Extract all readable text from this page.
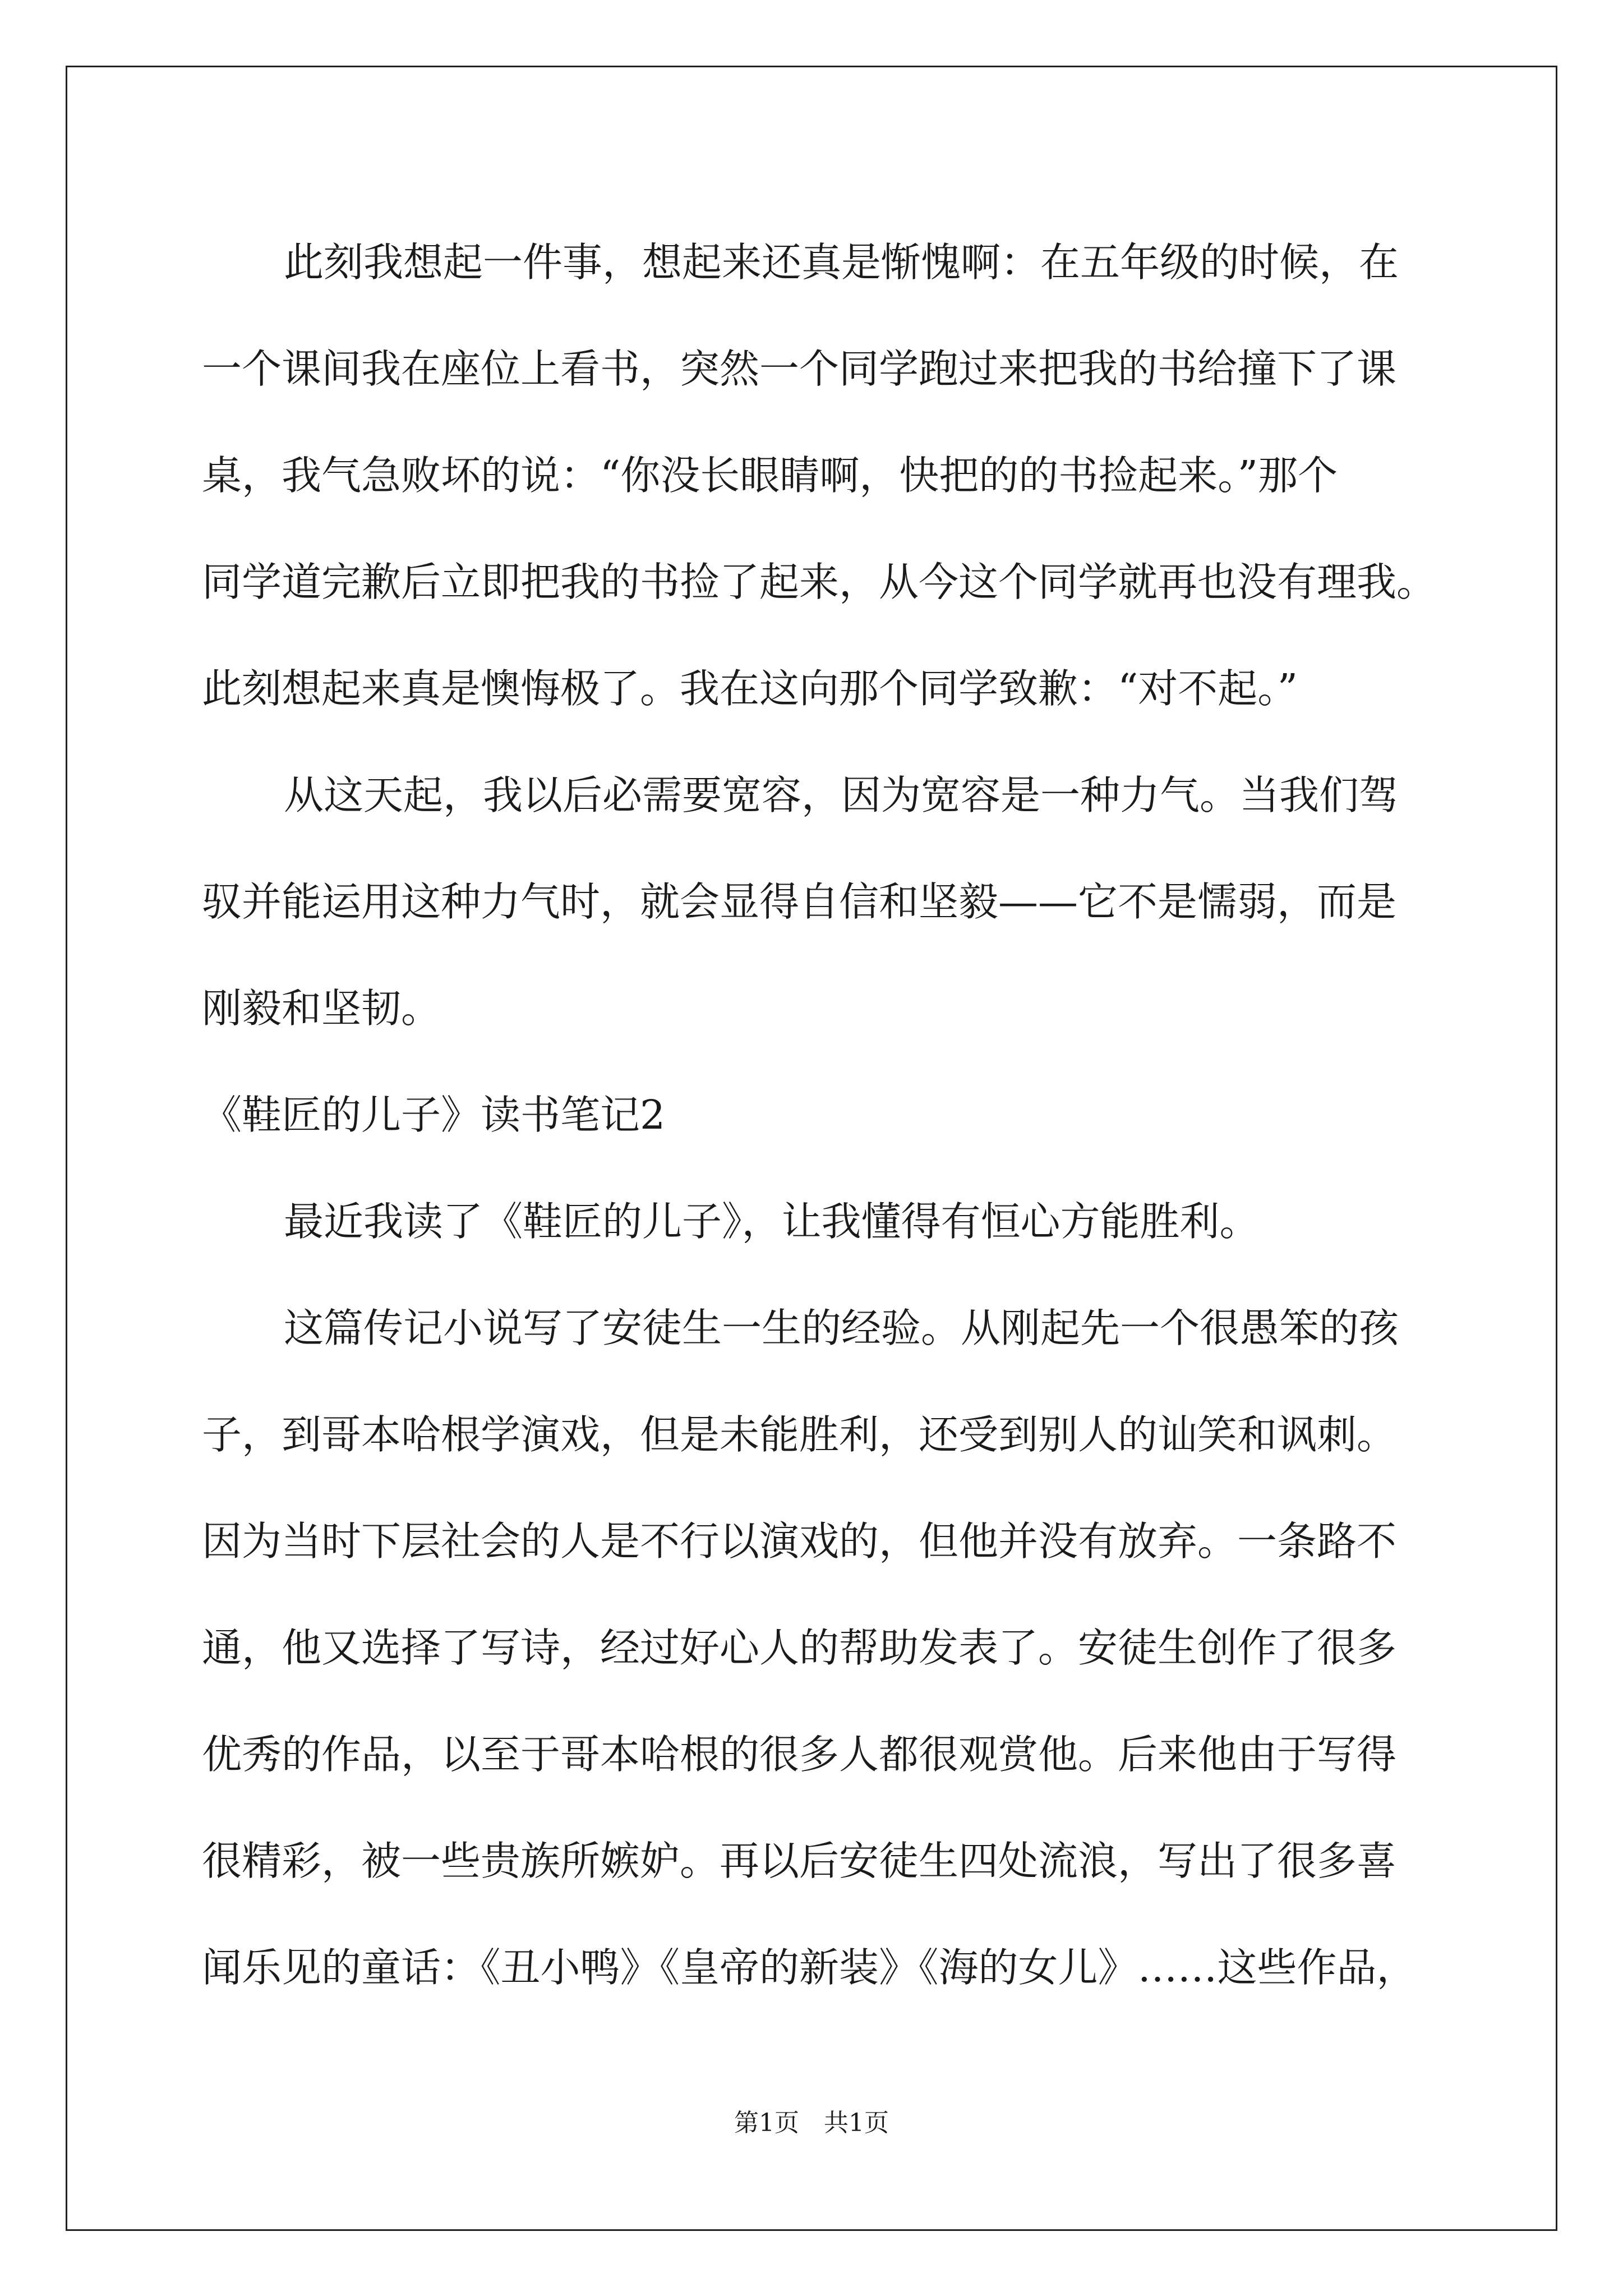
此刻我想起一件事，想起来还真是惭愧啊：在五年级的时候，在
一个课间我在座位上看书，突然一个同学跑过来把我的书给撞下了课
桌，我气急败坏的说：“你没长眼睛啊，快把的的书捡起来。”那个
同学道完歉后立即把我的书捡了起来，从今这个同学就再也没有理我。
此刻想起来真是懊悔极了。我在这向那个同学致歉：“对不起。”
从这天起，我以后必需要宽容，因为宽容是一种力气。当我们驾
驭并能运用这种力气时，就会显得自信和坚毅——它不是懦弱，而是
刚毅和坚韧。
《鞋匠的儿子》读书笔记2
最近我读了《鞋匠的儿子》，让我懂得有恒心方能胜利。
这篇传记小说写了安徒生一生的经验。从刚起先一个很愚笨的孩
子，到哥本哈根学演戏，但是未能胜利，还受到别人的讪笑和讽刺。
因为当时下层社会的人是不行以演戏的，但他并没有放弃。一条路不
通，他又选择了写诗，经过好心人的帮助发表了。安徒生创作了很多
优秀的作品，以至于哥本哈根的很多人都很观赏他。后来他由于写得
很精彩，被一些贵族所嫉妒。再以后安徒生四处流浪，写出了很多喜
闻乐见的童话：《丑小鸭》《皇帝的新装》《海的女儿》……这些作品，
第1页　共1页
